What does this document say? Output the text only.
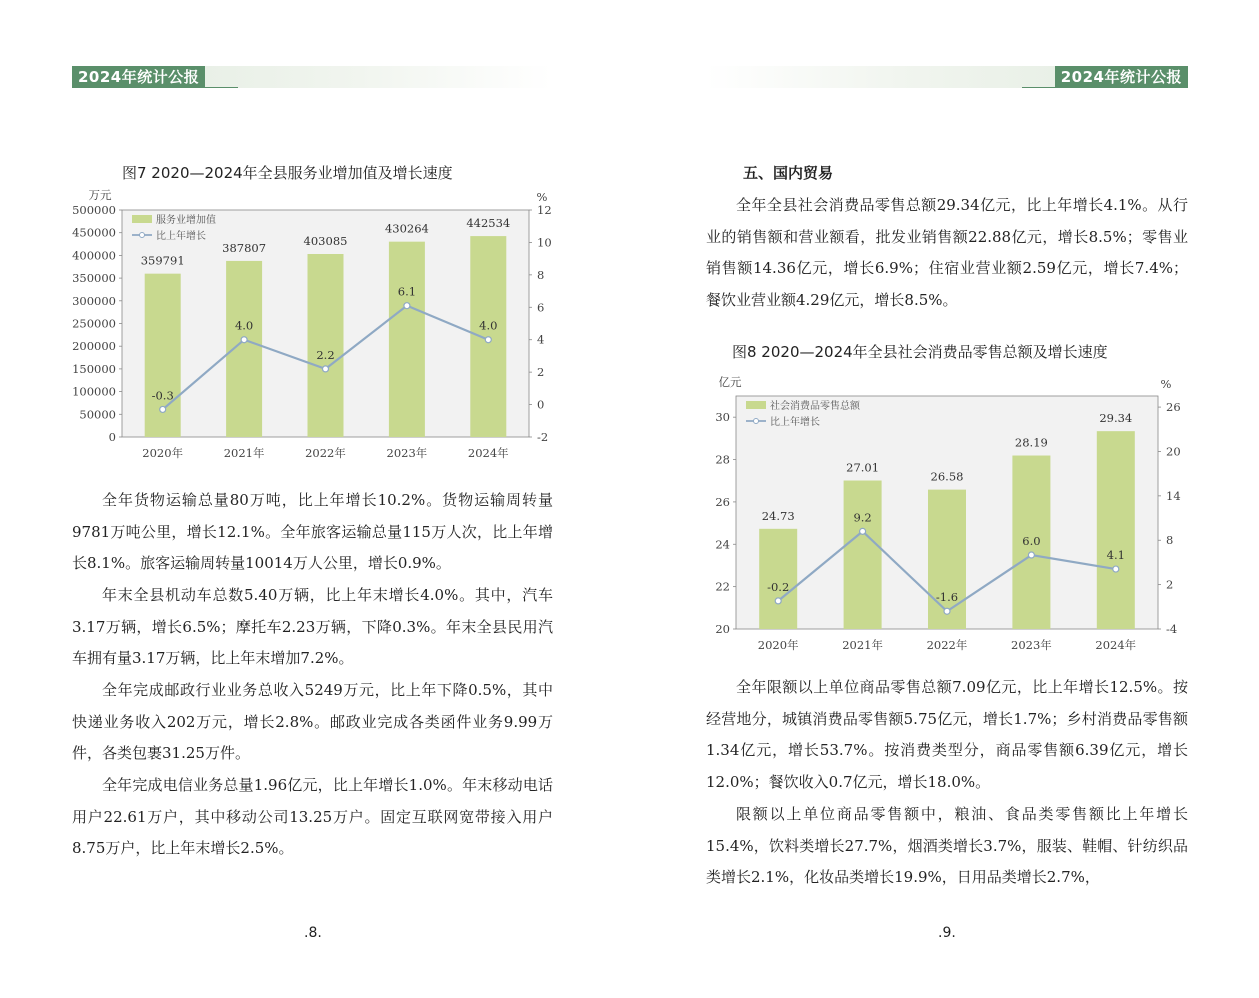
2024年统计公报
图7 2020—2024年全县服务业增加值及增长速度
0
50000
100000
150000
200000
250000
300000
350000
400000
450000
500000
-2
0
2
4
6
8
10
12
万元	%
2020年	2021年	2022年	2023年	2024年
359791
387807	403085
430264	442534
-0.3
4.0
2.2
6.1
4.0
服务业增加值
比上年增长

全年货物运输总量80万吨，比上年增长10.2%。货物运输周转量9781万吨公里，增长12.1%。全年旅客运输总量115万人次，比上年增长8.1%。旅客运输周转量10014万人公里，增长0.9%。

年末全县机动车总数5.40万辆，比上年末增长4.0%。其中，汽车3.17万辆，增长6.5%；摩托车2.23万辆，下降0.3%。年末全县民用汽车拥有量3.17万辆，比上年末增加7.2%。

全年完成邮政行业业务总收入5249万元，比上年下降0.5%，其中快递业务收入202万元，增长2.8%。邮政业完成各类函件业务9.99万件，各类包裹31.25万件。

全年完成电信业务总量1.96亿元，比上年增长1.0%。年末移动电话用户22.61万户，其中移动公司13.25万户。固定互联网宽带接入用户8.75万户，比上年末增长2.5%。

.8.
2024年统计公报
五、国内贸易

全年全县社会消费品零售总额29.34亿元，比上年增长4.1%。从行业的销售额和营业额看，批发业销售额22.88亿元，增长8.5%；零售业销售额14.36亿元，增长6.9%；住宿业营业额2.59亿元，增长7.4%；餐饮业营业额4.29亿元，增长8.5%。

图8 2020—2024年全县社会消费品零售总额及增长速度
20
22
24
26
28
30
-4
2
8
14
20
26
亿元	%
2020年	2021年	2022年	2023年	2024年
24.73
27.01
26.58
28.19
29.34
-0.2
9.2
-1.6
6.0
4.1
社会消费品零售总额
比上年增长

全年限额以上单位商品零售总额7.09亿元，比上年增长12.5%。按经营地分，城镇消费品零售额5.75亿元，增长1.7%；乡村消费品零售额1.34亿元，增长53.7%。按消费类型分，商品零售额6.39亿元，增长12.0%；餐饮收入0.7亿元，增长18.0%。

限额以上单位商品零售额中，粮油、食品类零售额比上年增长15.4%，饮料类增长27.7%，烟酒类增长3.7%，服装、鞋帽、针纺织品类增长2.1%，化妆品类增长19.9%，日用品类增长2.7%，

.9.
